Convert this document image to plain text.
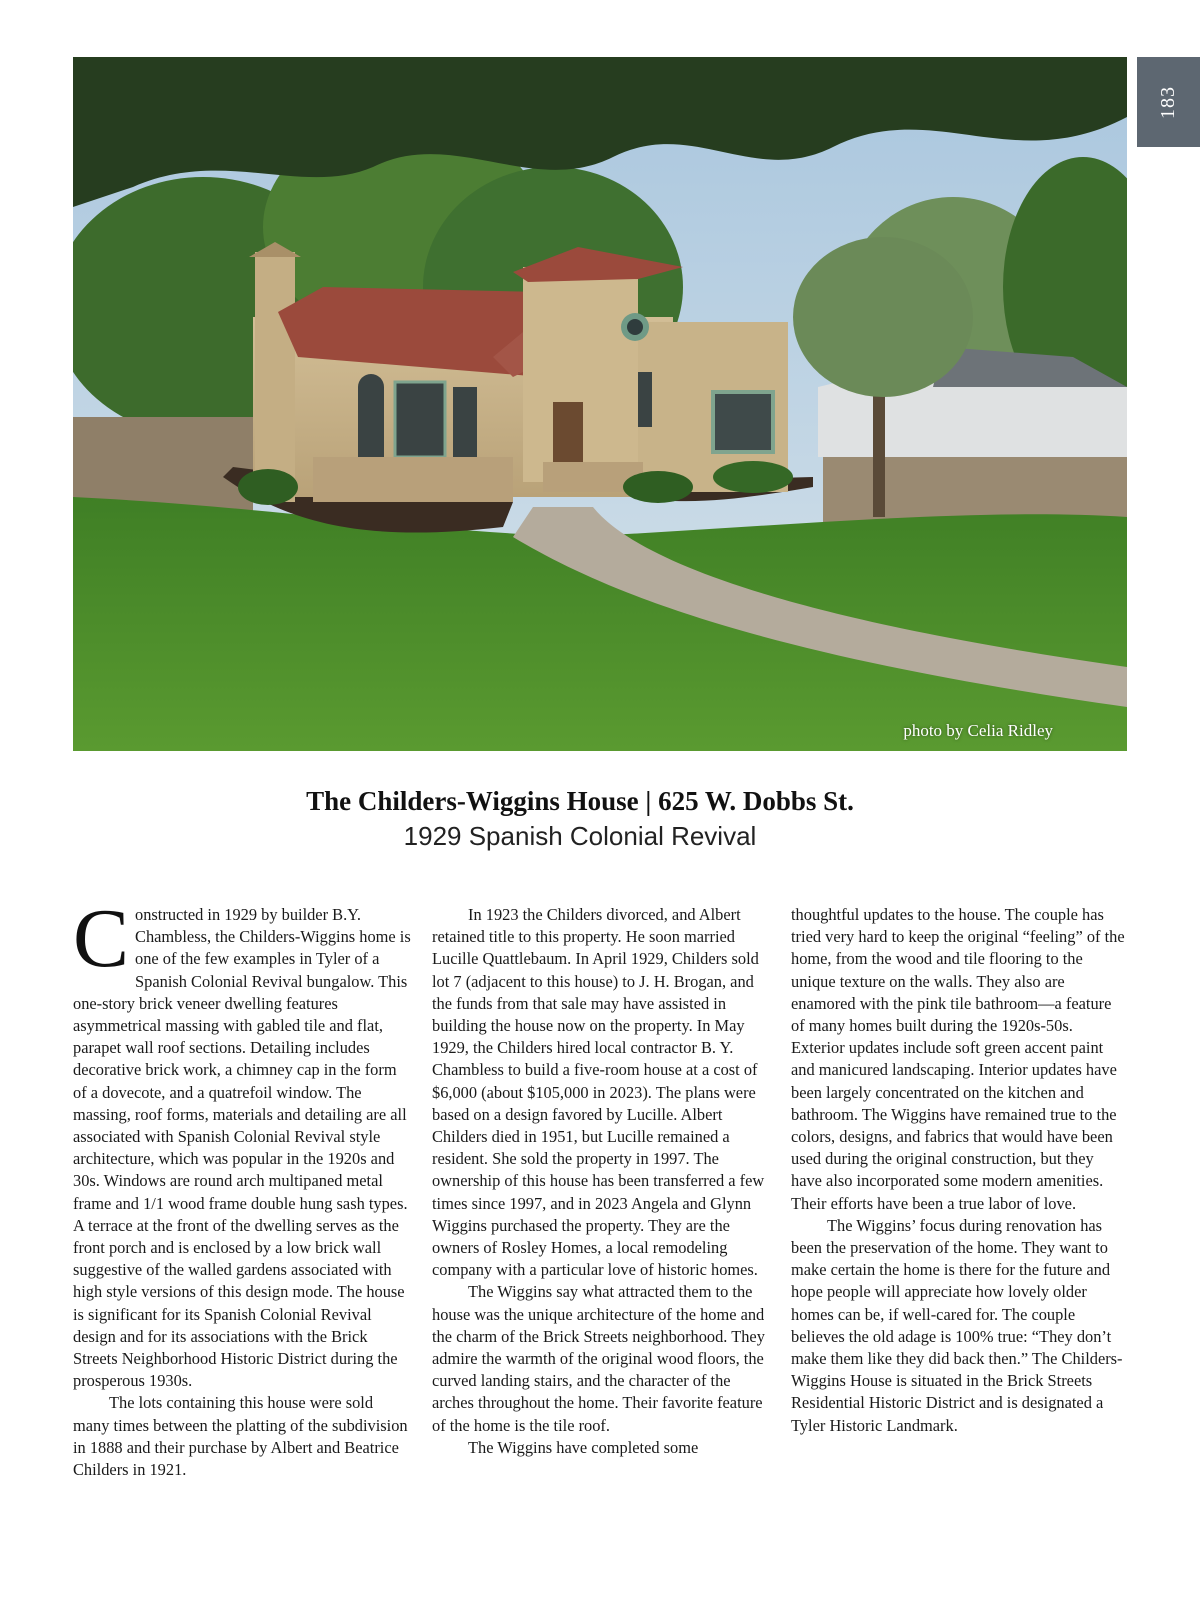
183
photo by Celia Ridley
The Childers-Wiggins House | 625 W. Dobbs St.
1929 Spanish Colonial Revival

Constructed in 1929 by builder B.Y. Chambless, the Childers-Wiggins home is one of the few examples in Tyler of a Spanish Colonial Revival bungalow. This one-story brick veneer dwelling features asymmetrical massing with gabled tile and flat, parapet wall roof sections. Detailing includes decorative brick work, a chimney cap in the form of a dovecote, and a quatrefoil window. The massing, roof forms, materials and detailing are all associated with Spanish Colonial Revival style architecture, which was popular in the 1920s and 30s. Windows are round arch multipaned metal frame and 1/1 wood frame double hung sash types. A terrace at the front of the dwelling serves as the front porch and is enclosed by a low brick wall suggestive of the walled gardens associated with high style versions of this design mode. The house is significant for its Spanish Colonial Revival design and for its associations with the Brick Streets Neighborhood Historic District during the prosperous 1930s.

The lots containing this house were sold many times between the platting of the subdivision in 1888 and their purchase by Albert and Beatrice Childers in 1921.

In 1923 the Childers divorced, and Albert retained title to this property. He soon married Lucille Quattlebaum. In April 1929, Childers sold lot 7 (adjacent to this house) to J. H. Brogan, and the funds from that sale may have assisted in building the house now on the property. In May 1929, the Childers hired local contractor B. Y. Chambless to build a five-room house at a cost of $6,000 (about $105,000 in 2023). The plans were based on a design favored by Lucille. Albert Childers died in 1951, but Lucille remained a resident. She sold the property in 1997. The ownership of this house has been transferred a few times since 1997, and in 2023 Angela and Glynn Wiggins purchased the property. They are the owners of Rosley Homes, a local remodeling company with a particular love of historic homes.

The Wiggins say what attracted them to the house was the unique architecture of the home and the charm of the Brick Streets neighborhood. They admire the warmth of the original wood floors, the curved landing stairs, and the character of the arches throughout the home. Their favorite feature of the home is the tile roof.

The Wiggins have completed some

thoughtful updates to the house. The couple has tried very hard to keep the original “feeling” of the home, from the wood and tile flooring to the unique texture on the walls. They also are enamored with the pink tile bathroom—a feature of many homes built during the 1920s-50s. Exterior updates include soft green accent paint and manicured landscaping. Interior updates have been largely concentrated on the kitchen and bathroom. The Wiggins have remained true to the colors, designs, and fabrics that would have been used during the original construction, but they have also incorporated some modern amenities. Their efforts have been a true labor of love.

The Wiggins’ focus during renovation has been the preservation of the home. They want to make certain the home is there for the future and hope people will appreciate how lovely older homes can be, if well-cared for. The couple believes the old adage is 100% true: “They don’t make them like they did back then.” The Childers-Wiggins House is situated in the Brick Streets Residential Historic District and is designated a Tyler Historic Landmark.
